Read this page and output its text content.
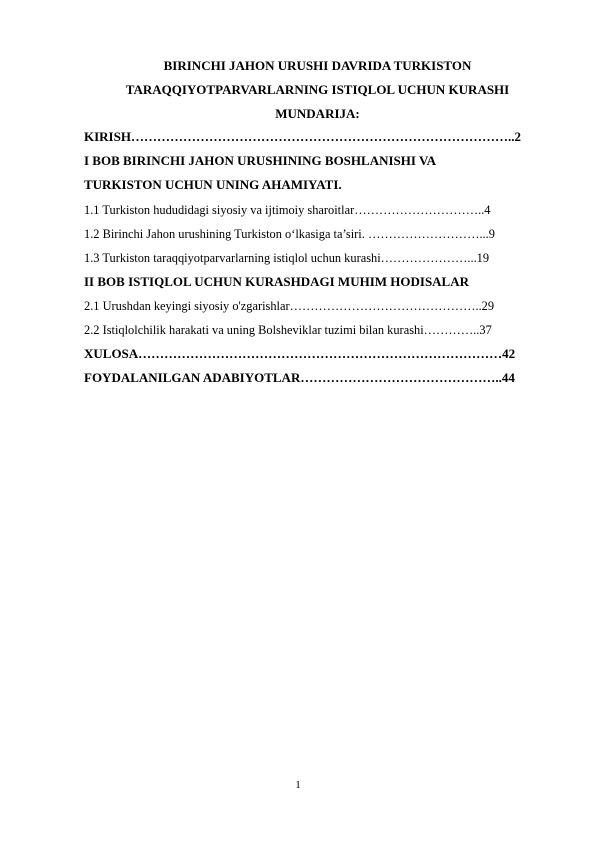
BIRINCHI JAHON URUSHI DAVRIDA TURKISTON
TARAQQIYOTPARVARLARNING ISTIQLOL UCHUN KURASHI
MUNDARIJA:
KIRISH……………………………………………………………………………..2
I BOB BIRINCHI JAHON URUSHINING BOSHLANISHI VA
TURKISTON UCHUN UNING AHAMIYATI.
1.1 Turkiston hududidagi siyosiy va ijtimoiy sharoitlar…………………………..4
1.2 Birinchi Jahon urushining Turkiston o‘lkasiga ta’siri. ………………………...9
1.3 Turkiston taraqqiyotparvarlarning istiqlol uchun kurashi…………………...19
II BOB ISTIQLOL UCHUN KURASHDAGI MUHIM HODISALAR
2.1 Urushdan keyingi siyosiy o'zgarishlar………………………………………..29
2.2 Istiqlolchilik harakati va uning Bolsheviklar tuzimi bilan kurashi…………..37
XULOSA…………………………………………………………………………42
FOYDALANILGAN ADABIYOTLAR………………………………………..44
1
